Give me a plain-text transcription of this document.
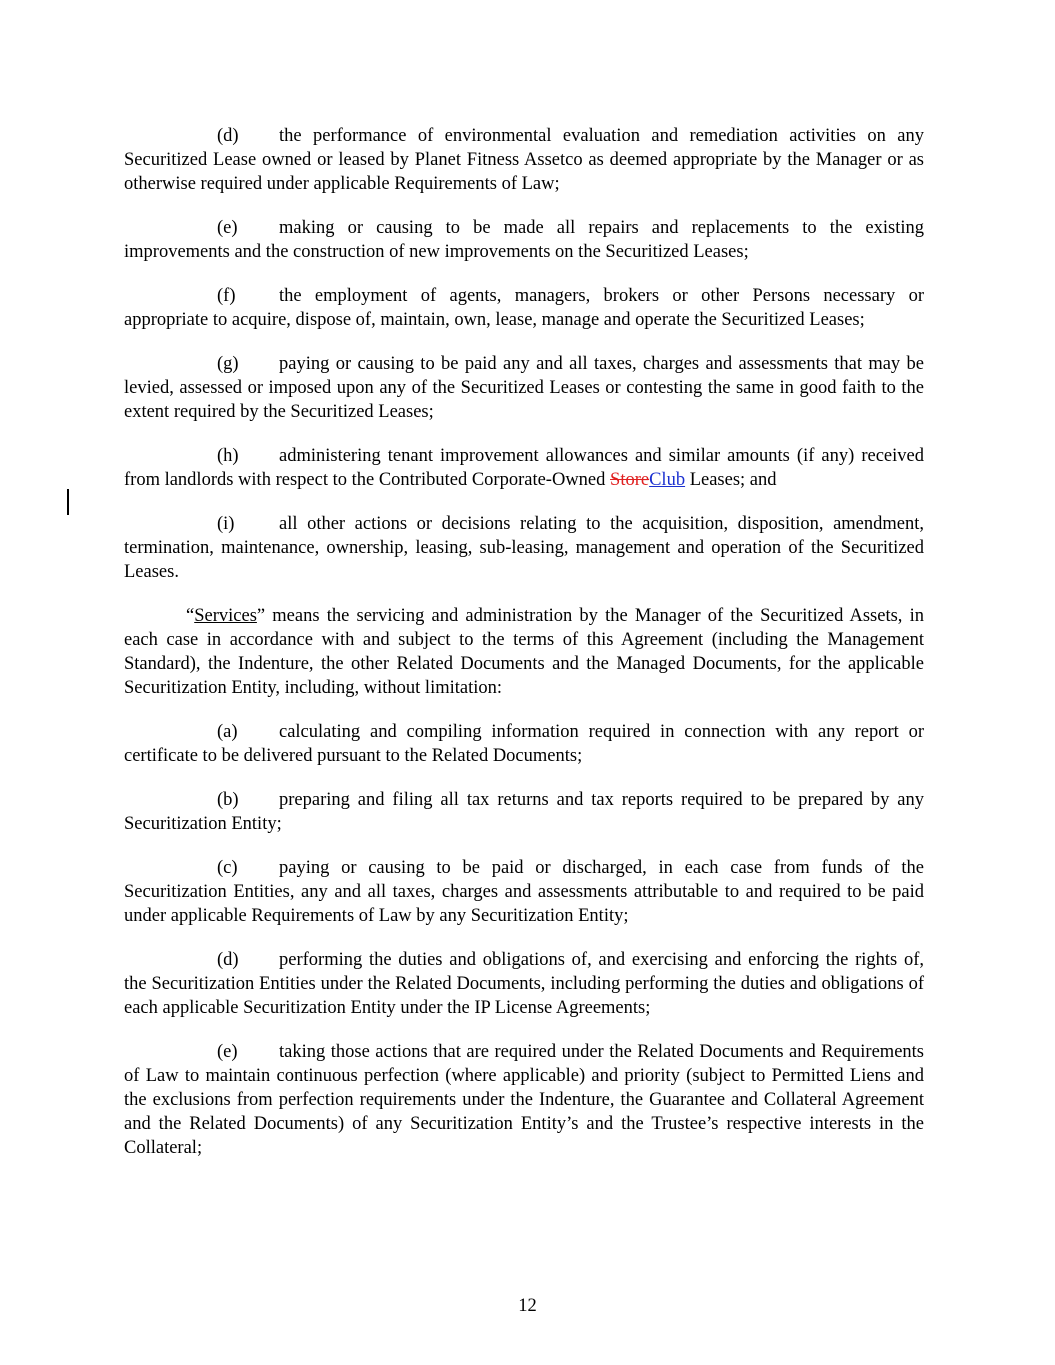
(d) the performance of environmental evaluation and remediation activities on any Securitized Lease owned or leased by Planet Fitness Assetco as deemed appropriate by the Manager or as otherwise required under applicable Requirements of Law;

(e) making or causing to be made all repairs and replacements to the existing improvements and the construction of new improvements on the Securitized Leases;

(f) the employment of agents, managers, brokers or other Persons necessary or appropriate to acquire, dispose of, maintain, own, lease, manage and operate the Securitized Leases;

(g) paying or causing to be paid any and all taxes, charges and assessments that may be levied, assessed or imposed upon any of the Securitized Leases or contesting the same in good faith to the extent required by the Securitized Leases;

(h) administering tenant improvement allowances and similar amounts (if any) received from landlords with respect to the Contributed Corporate-Owned StoreClub Leases; and

(i) all other actions or decisions relating to the acquisition, disposition, amendment, termination, maintenance, ownership, leasing, sub-leasing, management and operation of the Securitized Leases.

“Services” means the servicing and administration by the Manager of the Securitized Assets, in each case in accordance with and subject to the terms of this Agreement (including the Management Standard), the Indenture, the other Related Documents and the Managed Documents, for the applicable Securitization Entity, including, without limitation:

(a) calculating and compiling information required in connection with any report or certificate to be delivered pursuant to the Related Documents;

(b) preparing and filing all tax returns and tax reports required to be prepared by any Securitization Entity;

(c) paying or causing to be paid or discharged, in each case from funds of the Securitization Entities, any and all taxes, charges and assessments attributable to and required to be paid under applicable Requirements of Law by any Securitization Entity;

(d) performing the duties and obligations of, and exercising and enforcing the rights of, the Securitization Entities under the Related Documents, including performing the duties and obligations of each applicable Securitization Entity under the IP License Agreements;

(e) taking those actions that are required under the Related Documents and Requirements of Law to maintain continuous perfection (where applicable) and priority (subject to Permitted Liens and the exclusions from perfection requirements under the Indenture, the Guarantee and Collateral Agreement and the Related Documents) of any Securitization Entity’s and the Trustee’s respective interests in the Collateral;

12
